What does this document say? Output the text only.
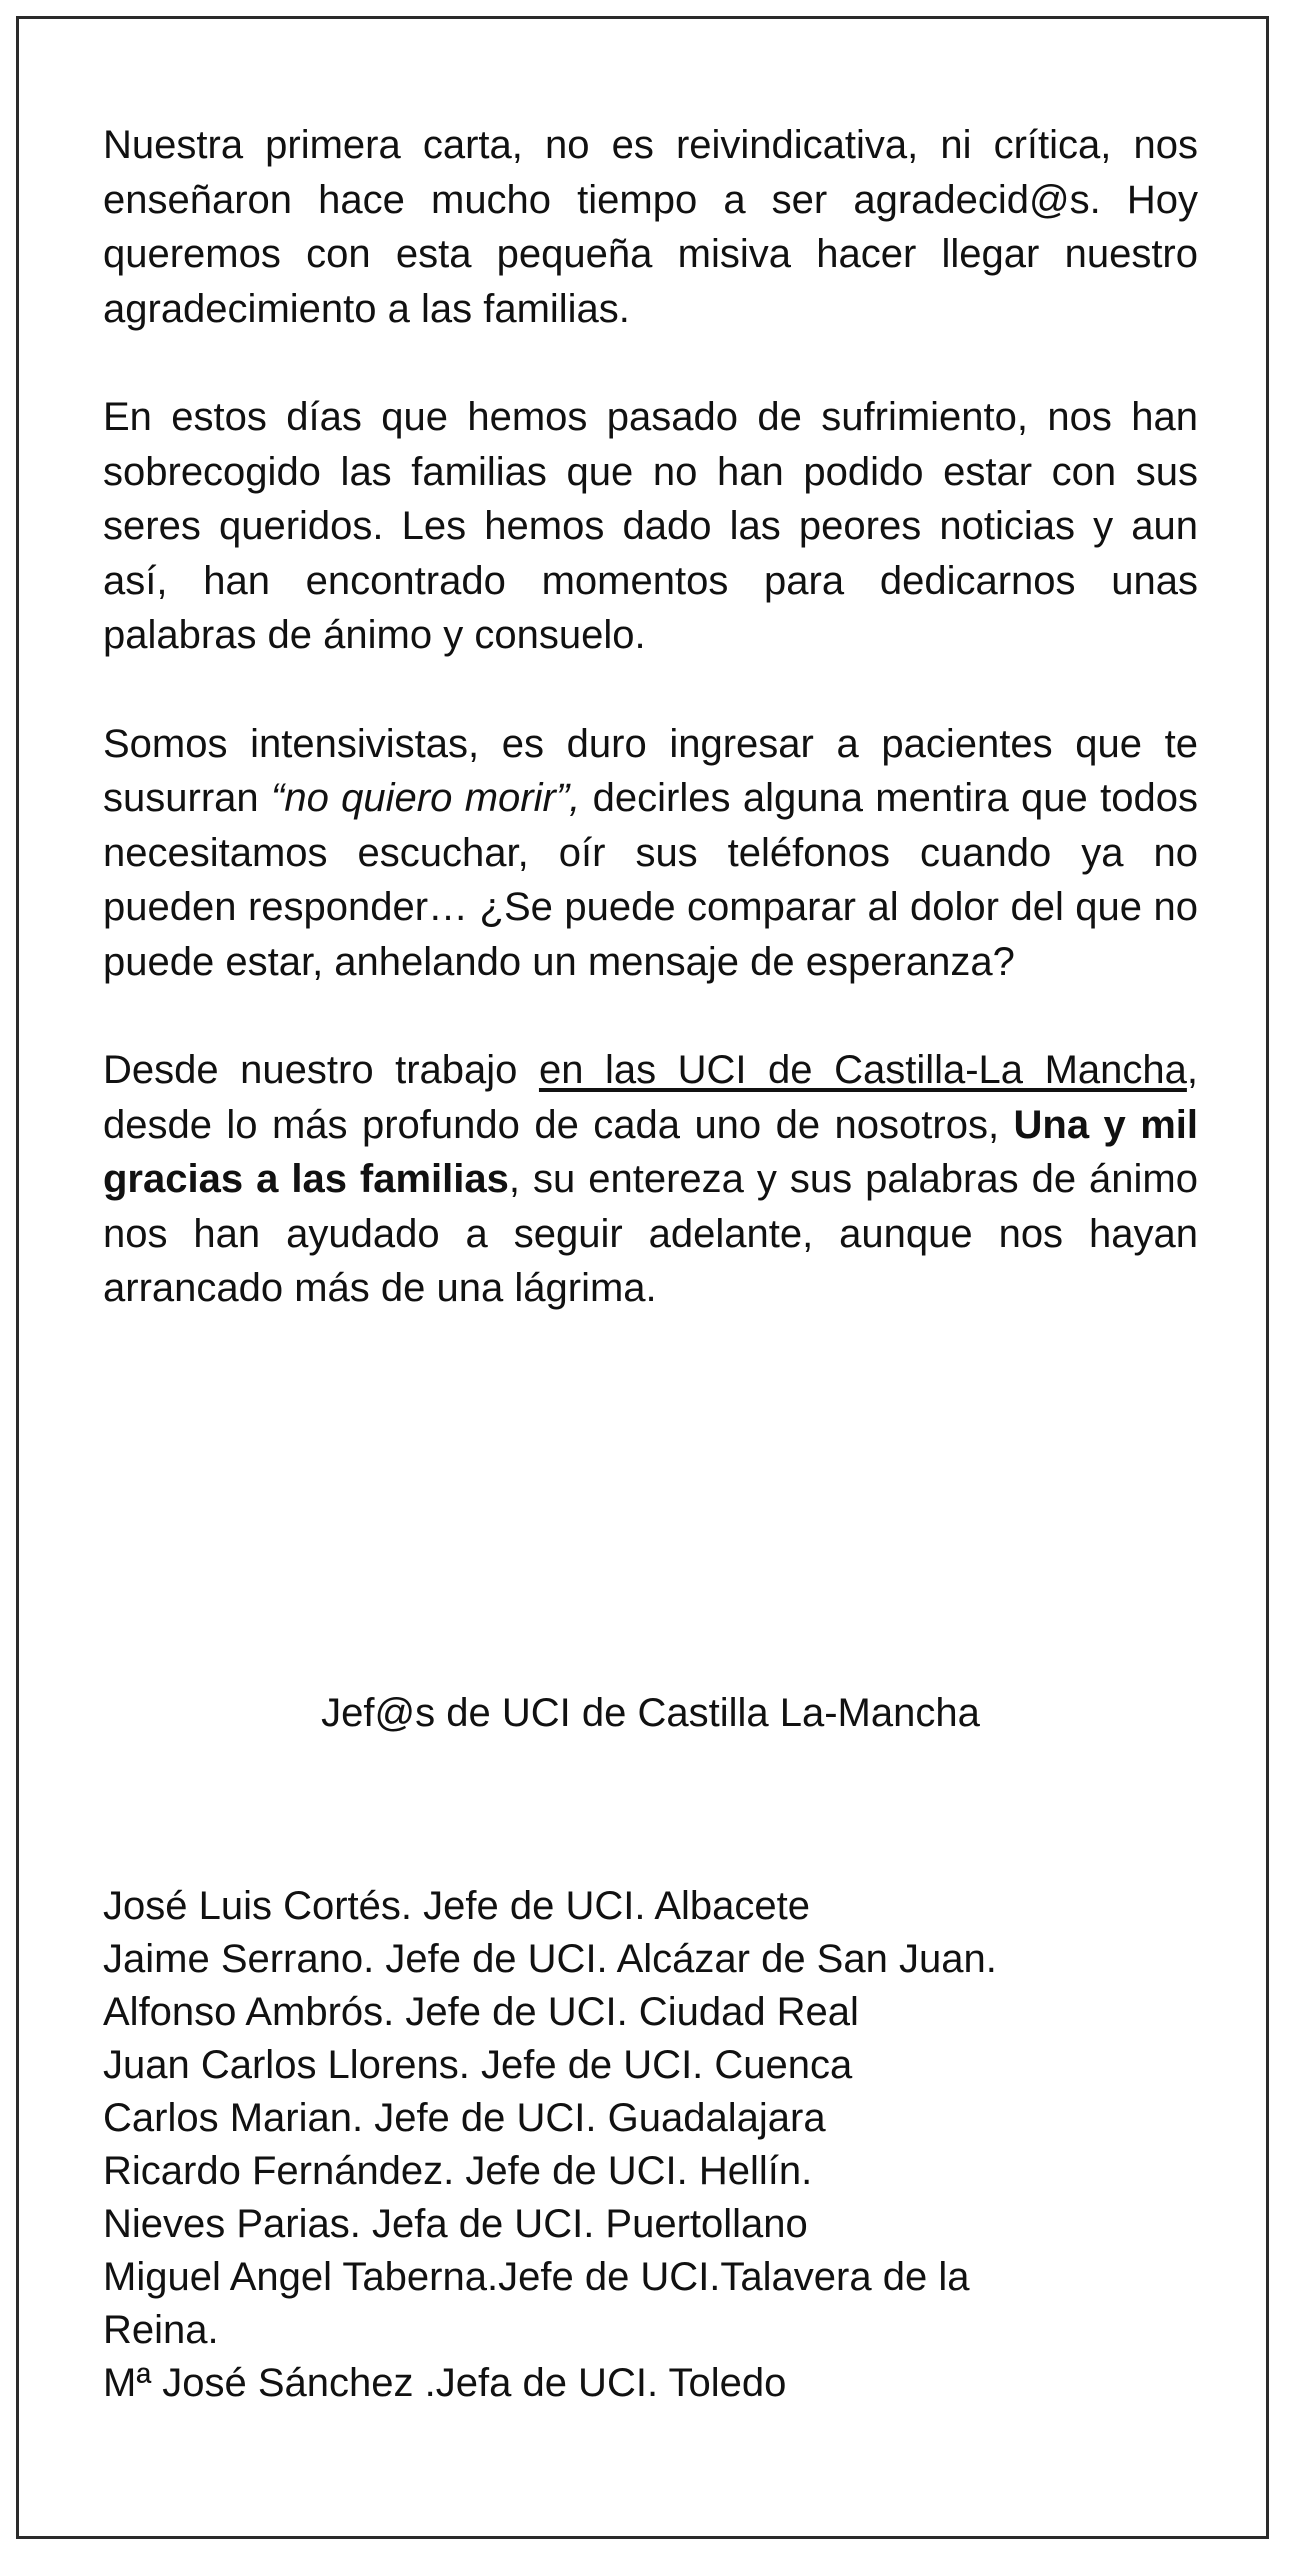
Nuestra primera carta, no es reivindicativa, ni crítica, nos enseñaron hace mucho tiempo a ser agradecid@s. Hoy queremos con esta pequeña misiva hacer llegar nuestro agradecimiento a las familias.

En estos días que hemos pasado de sufrimiento, nos han sobrecogido las familias que no han podido estar con sus seres queridos. Les hemos dado las peores noticias y aun así, han encontrado momentos para dedicarnos unas palabras de ánimo y consuelo.

Somos intensivistas, es duro ingresar a pacientes que te susurran “no quiero morir”, decirles alguna mentira que todos necesitamos escuchar, oír sus teléfonos cuando ya no pueden responder… ¿Se puede comparar al dolor del que no puede estar, anhelando un mensaje de esperanza?

Desde nuestro trabajo en las UCI de Castilla-La Mancha, desde lo más profundo de cada uno de nosotros, Una y mil gracias a las familias, su entereza y sus palabras de ánimo nos han ayudado a seguir adelante, aunque nos hayan arrancado más de una lágrima.

Jef@s de UCI de Castilla La-Mancha
José Luis Cortés. Jefe de UCI. Albacete
Jaime Serrano. Jefe de UCI. Alcázar de San Juan.
Alfonso Ambrós. Jefe de UCI. Ciudad Real
Juan Carlos Llorens. Jefe de UCI. Cuenca
Carlos Marian. Jefe de UCI. Guadalajara
Ricardo Fernández. Jefe de UCI. Hellín.
Nieves Parias. Jefa de UCI. Puertollano
Miguel Angel Taberna.Jefe de UCI.Talavera de la
Reina.
Mª José Sánchez .Jefa de UCI. Toledo
